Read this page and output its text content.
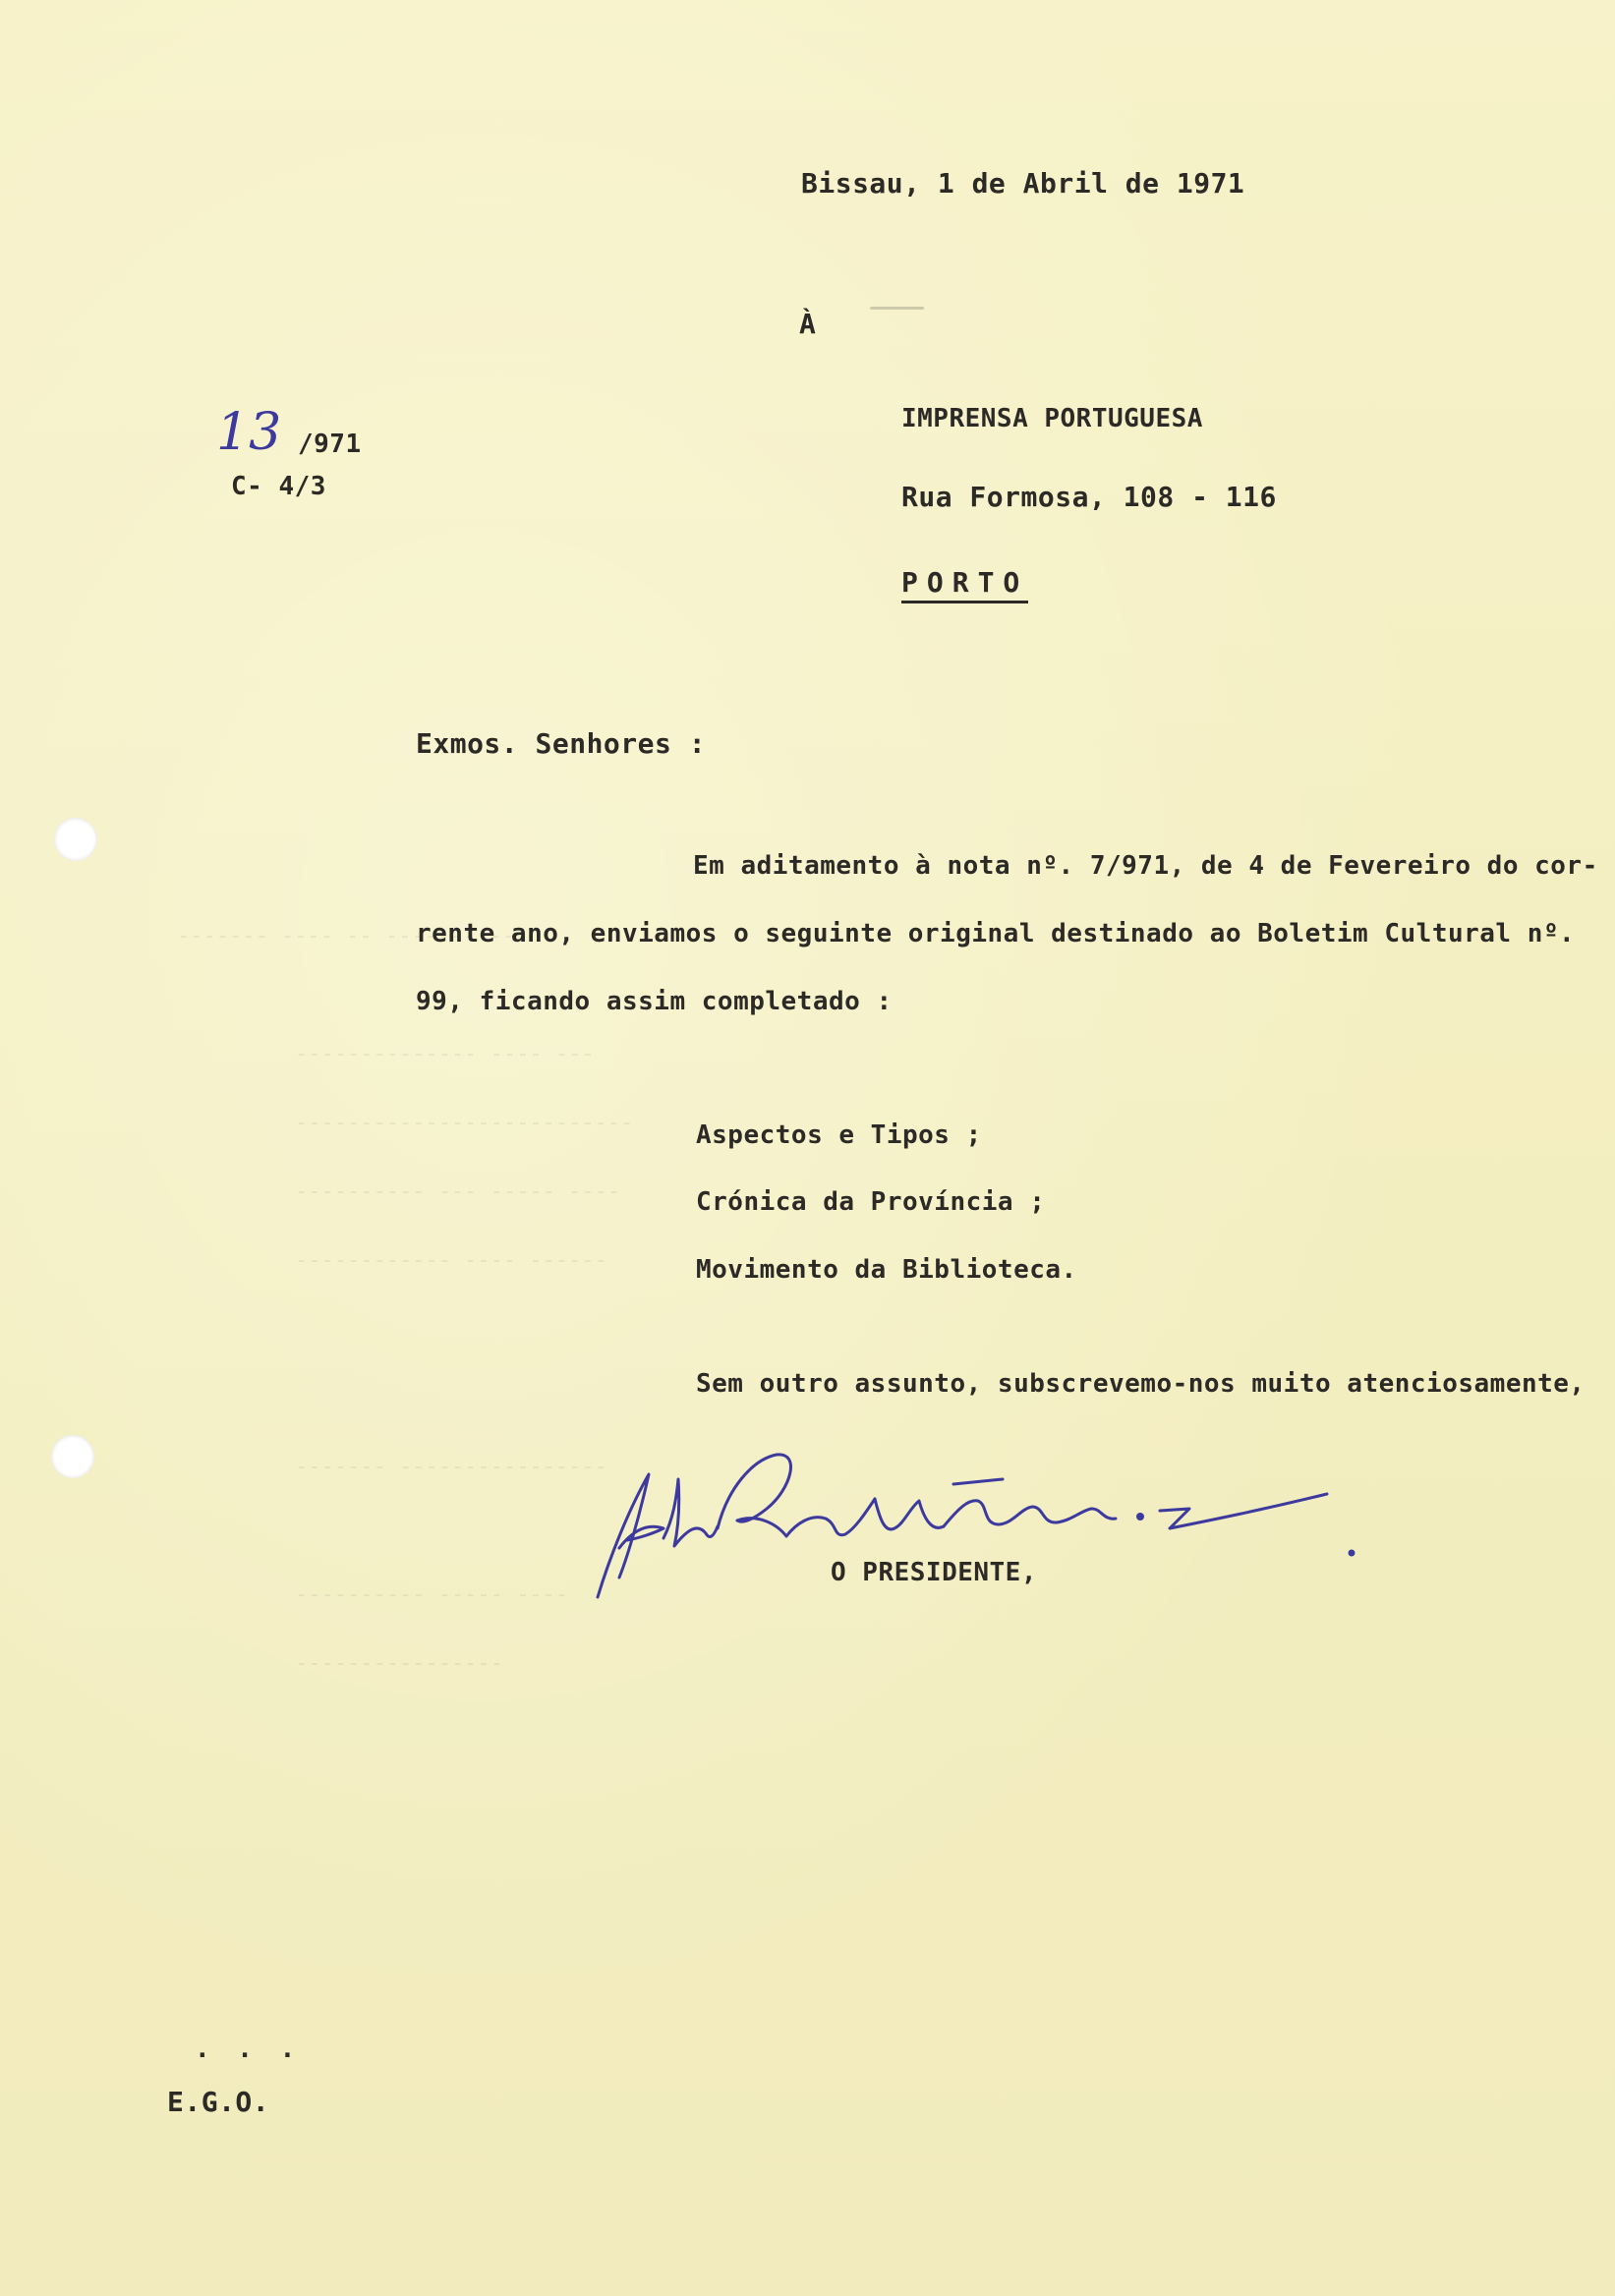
------- ---- -- ----------
-------------- ---- ---
--------------------------
---------- --- ----- ----
------------ ---- ------
------- ----------------
---------- ----- ----
----------------
Bissau, 1 de Abril de 1971
À
13 /971
C- 4/3
IMPRENSA PORTUGUESA
Rua Formosa, 108 - 116
PORTO
Exmos. Senhores :
Em aditamento à nota nº. 7/971, de 4 de Fevereiro do cor-
rente ano, enviamos o seguinte original destinado ao Boletim Cultural nº.
99, ficando assim completado :
Aspectos e Tipos ;
Crónica da Província ;
Movimento da Biblioteca.
Sem outro assunto, subscrevemo-nos muito atenciosamente,
O PRESIDENTE,
. . .
E.G.O.
